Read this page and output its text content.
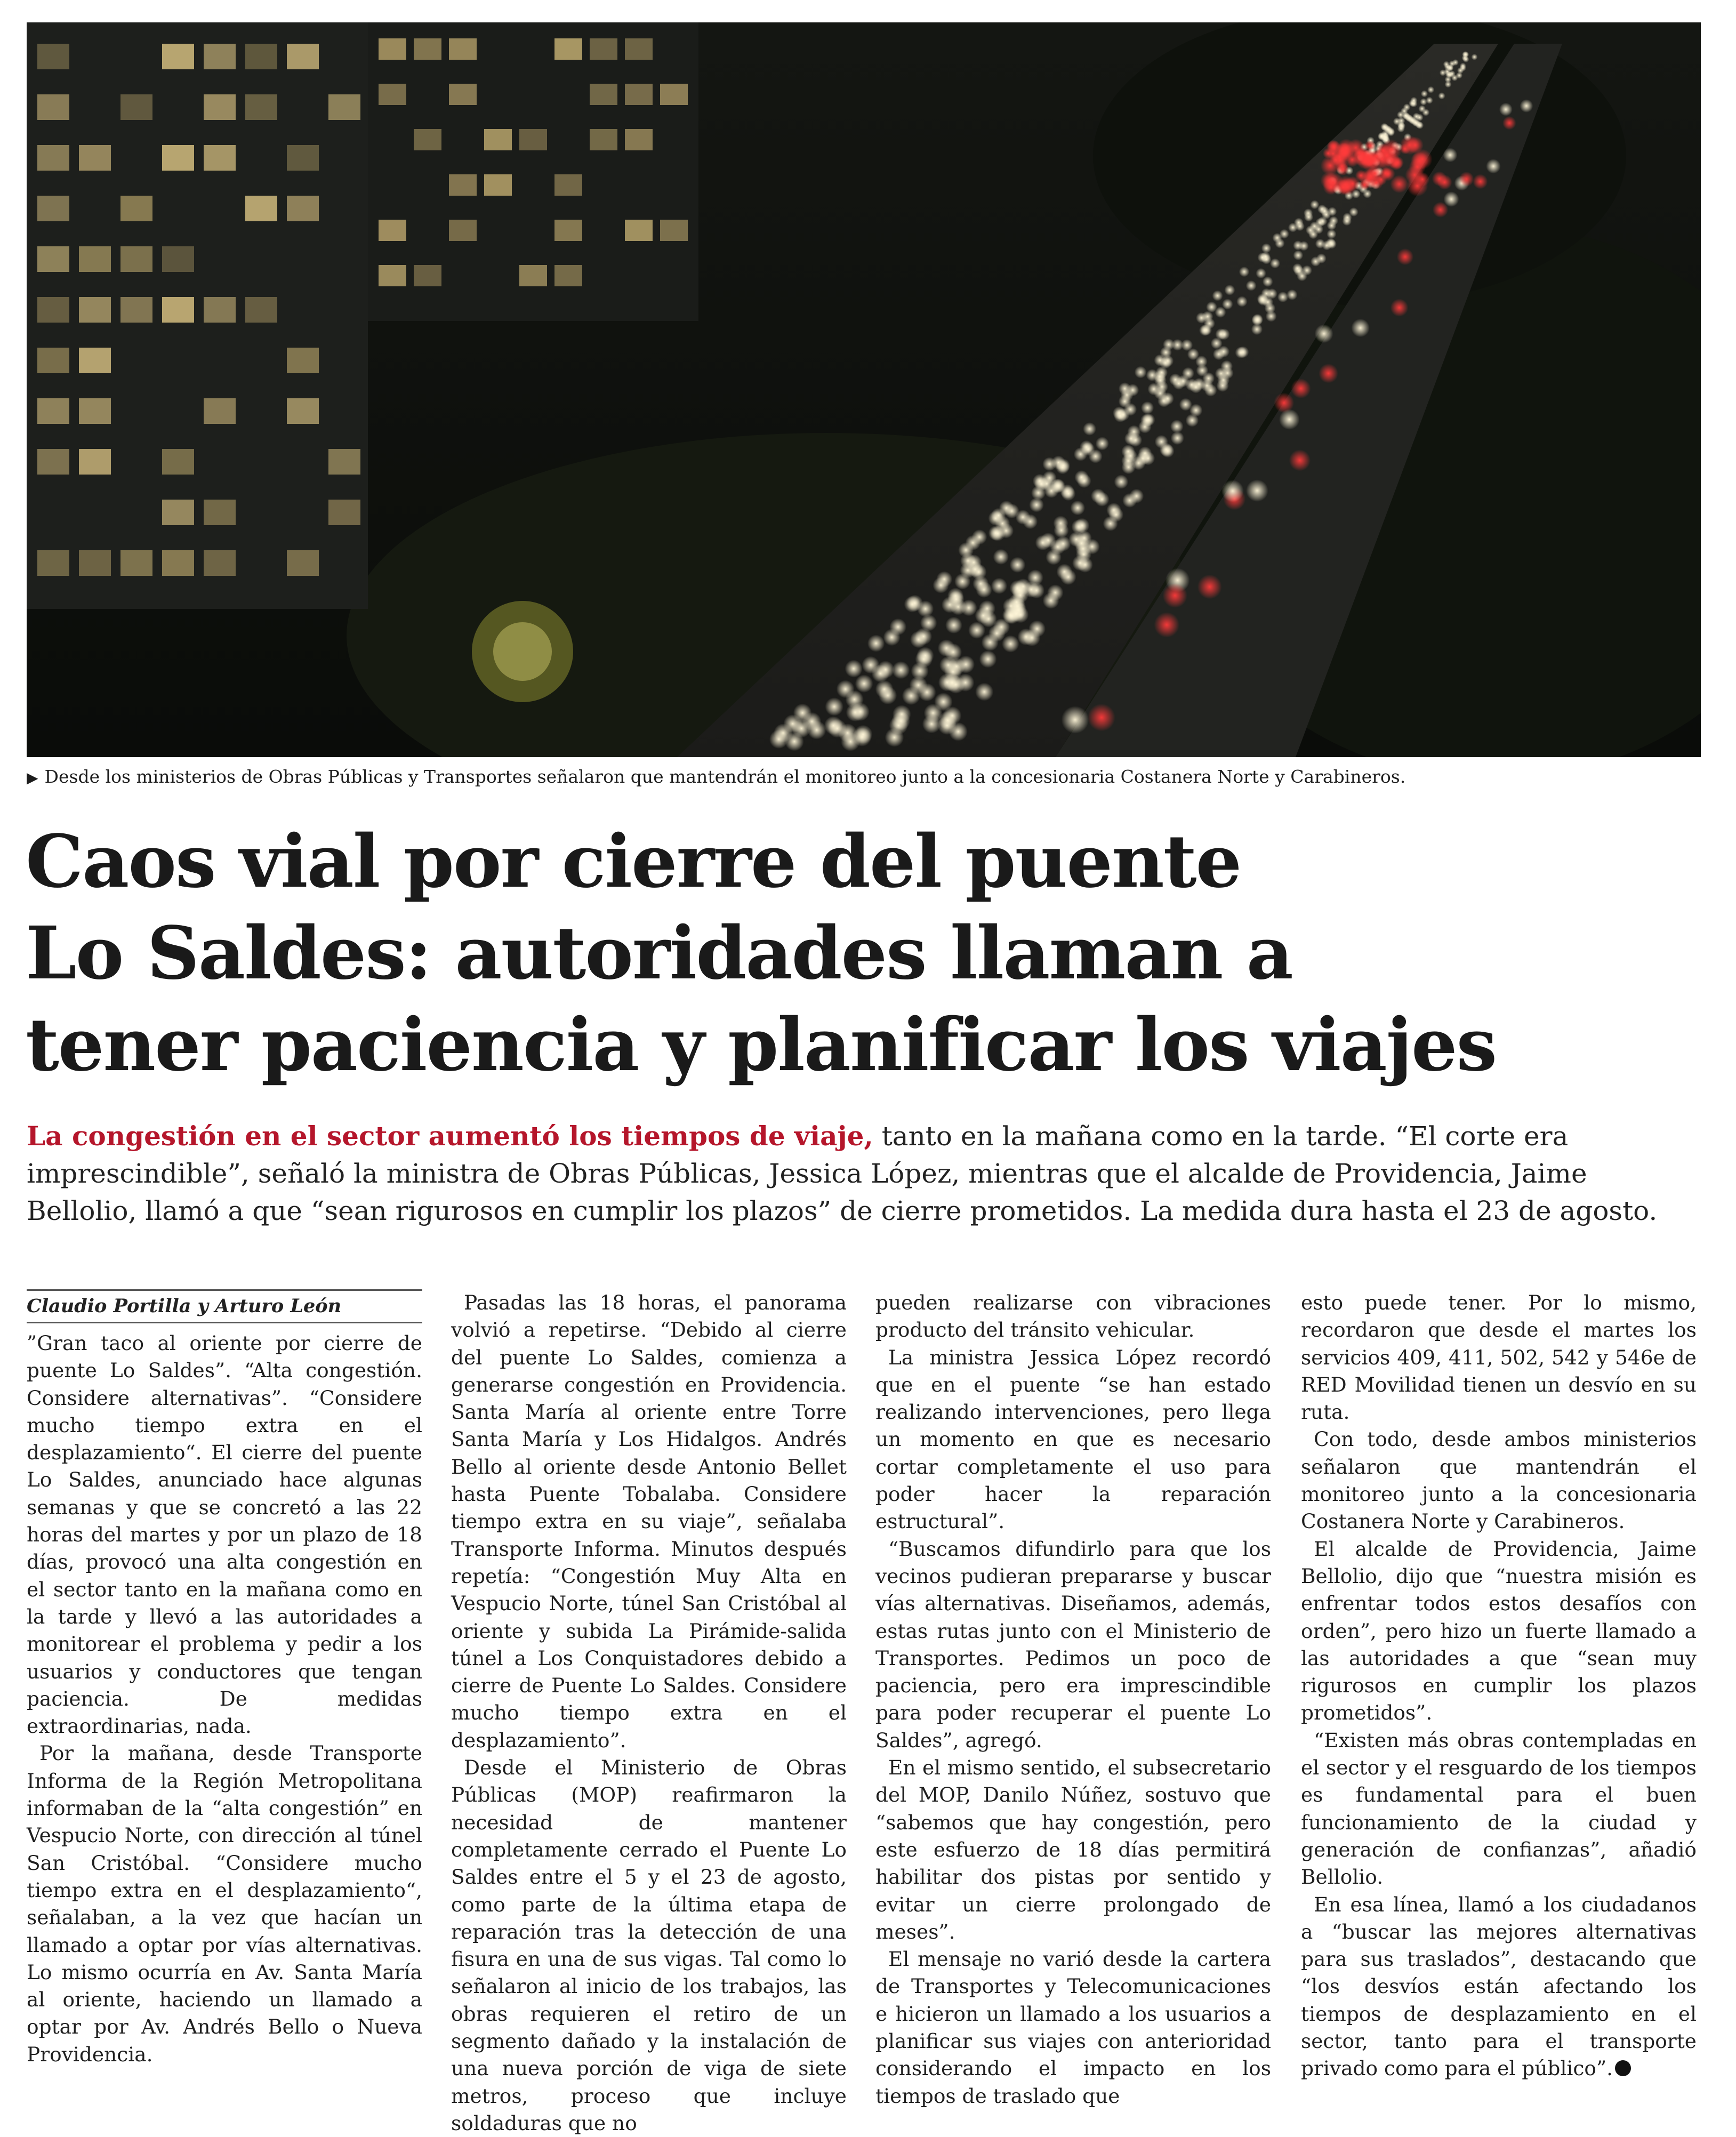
▶ Desde los ministerios de Obras Públicas y Transportes señalaron que mantendrán el monitoreo junto a la concesionaria Costanera Norte y Carabineros.
Caos vial por cierre del puente
Lo Saldes: autoridades llaman a
tener paciencia y planificar los viajes
La congestión en el sector aumentó los tiempos de viaje, tanto en la mañana como en la tarde. “El corte era
imprescindible”, señaló la ministra de Obras Públicas, Jessica López, mientras que el alcalde de Providencia, Jaime
Bellolio, llamó a que “sean rigurosos en cumplir los plazos” de cierre prometidos. La medida dura hasta el 23 de agosto.
Claudio Portilla y Arturo León

”Gran taco al oriente por cierre de puente Lo Saldes”. “Alta congestión. Considere alternativas”. “Considere mucho tiempo extra en el desplazamiento“. El cierre del puente Lo Saldes, anunciado hace algunas semanas y que se concretó a las 22 horas del martes y por un plazo de 18 días, provocó una alta congestión en el sector tanto en la mañana como en la tarde y llevó a las autoridades a monitorear el problema y pedir a los usuarios y conductores que tengan paciencia. De medidas extraordinarias, nada.

Por la mañana, desde Transporte Informa de la Región Metropolitana informaban de la “alta congestión” en Vespucio Norte, con dirección al túnel San Cristóbal. “Considere mucho tiempo extra en el desplazamiento“, señalaban, a la vez que hacían un llamado a optar por vías alternativas. Lo mismo ocurría en Av. Santa María al oriente, haciendo un llamado a optar por Av. Andrés Bello o Nueva Providencia.

Pasadas las 18 horas, el panorama volvió a repetirse. “Debido al cierre del puente Lo Saldes, comienza a generarse congestión en Providencia. Santa María al oriente entre Torre Santa María y Los Hidalgos. Andrés Bello al oriente desde Antonio Bellet hasta Puente Tobalaba. Considere tiempo extra en su viaje”, señalaba Transporte Informa. Minutos después repetía: “Congestión Muy Alta en Vespucio Norte, túnel San Cristóbal al oriente y subida La Pirámide-salida túnel a Los Conquistadores debido a cierre de Puente Lo Saldes. Considere mucho tiempo extra en el desplazamiento”.

Desde el Ministerio de Obras Públicas (MOP) reafirmaron la necesidad de mantener completamente cerrado el Puente Lo Saldes entre el 5 y el 23 de agosto, como parte de la última etapa de reparación tras la detección de una fisura en una de sus vigas. Tal como lo señalaron al inicio de los trabajos, las obras requieren el retiro de un segmento dañado y la instalación de una nueva porción de viga de siete metros, proceso que incluye soldaduras que no

pueden realizarse con vibraciones producto del tránsito vehicular.

La ministra Jessica López recordó que en el puente “se han estado realizando intervenciones, pero llega un momento en que es necesario cortar completamente el uso para poder hacer la reparación estructural”.

“Buscamos difundirlo para que los vecinos pudieran prepararse y buscar vías alternativas. Diseñamos, además, estas rutas junto con el Ministerio de Transportes. Pedimos un poco de paciencia, pero era imprescindible para poder recuperar el puente Lo Saldes”, agregó.

En el mismo sentido, el subsecretario del MOP, Danilo Núñez, sostuvo que “sabemos que hay congestión, pero este esfuerzo de 18 días permitirá habilitar dos pistas por sentido y evitar un cierre prolongado de meses”.

El mensaje no varió desde la cartera de Transportes y Telecomunicaciones e hicieron un llamado a los usuarios a planificar sus viajes con anterioridad considerando el impacto en los tiempos de traslado que

esto puede tener. Por lo mismo, recordaron que desde el martes los servicios 409, 411, 502, 542 y 546e de RED Movilidad tienen un desvío en su ruta.

Con todo, desde ambos ministerios señalaron que mantendrán el monitoreo junto a la concesionaria Costanera Norte y Carabineros.

El alcalde de Providencia, Jaime Bellolio, dijo que “nuestra misión es enfrentar todos estos desafíos con orden”, pero hizo un fuerte llamado a las autoridades a que “sean muy rigurosos en cumplir los plazos prometidos”.

“Existen más obras contempladas en el sector y el resguardo de los tiempos es fundamental para el buen funcionamiento de la ciudad y generación de confianzas”, añadió Bellolio.

En esa línea, llamó a los ciudadanos a “buscar las mejores alternativas para sus traslados”, destacando que “los desvíos están afectando los tiempos de desplazamiento en el sector, tanto para el transporte privado como para el público”.
